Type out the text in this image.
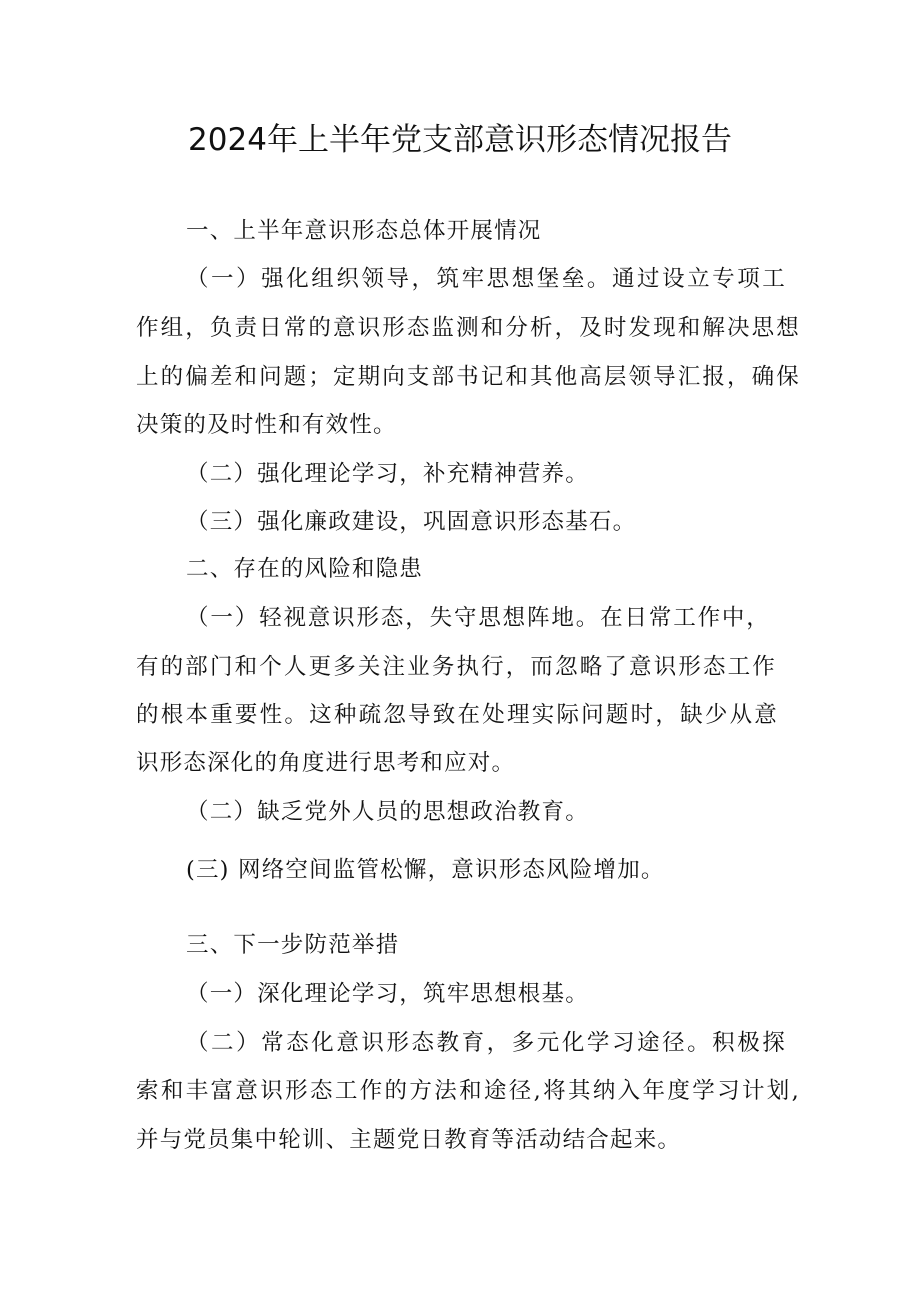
2024年上半年党支部意识形态情况报告
一、上半年意识形态总体开展情况
（一）强化组织领导，筑牢思想堡垒。通过设立专项工
作组，负责日常的意识形态监测和分析，及时发现和解决思想
上的偏差和问题；定期向支部书记和其他高层领导汇报，确保
决策的及时性和有效性。
（二）强化理论学习，补充精神营养。
（三）强化廉政建设，巩固意识形态基石。
二、存在的风险和隐患
（一）轻视意识形态，失守思想阵地。在日常工作中，
有的部门和个人更多关注业务执行，而忽略了意识形态工作
的根本重要性。这种疏忽导致在处理实际问题时，缺少从意
识形态深化的角度进行思考和应对。
（二）缺乏党外人员的思想政治教育。
(三) 网络空间监管松懈，意识形态风险增加。
三、下一步防范举措
（一）深化理论学习，筑牢思想根基。
（二）常态化意识形态教育，多元化学习途径。积极探
索和丰富意识形态工作的方法和途径,将其纳入年度学习计划,
并与党员集中轮训、主题党日教育等活动结合起来。
